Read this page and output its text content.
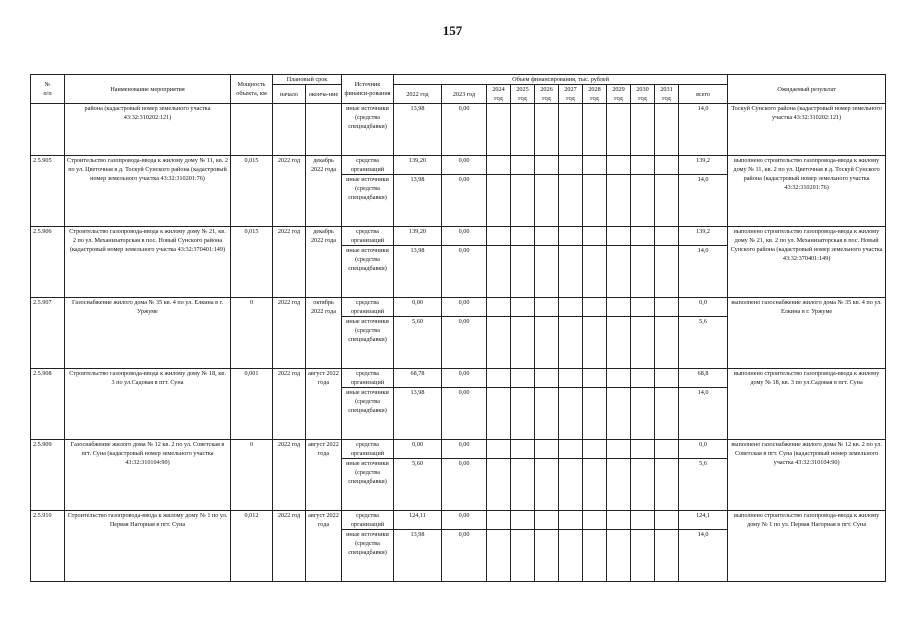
157
№
п/п	Наименование мероприятия	Мощность объекта, км	Плановый срок		Источник финанси-рования	Объем финансирования, тыс. рублей											Ожидаемый результат
			начало	оконча-ние		2022 год	2023 год	2024 год	2025 год	2026 год	2027 год	2028 год	2029 год	2030 год	2031 год	всего	
	района (кадастровый номер земельного участка 43:32:310202:121)				иные источники (средства спецнадбавки)	13,98	0,00									14,0	Тоскуй Сунского района (кадастровый номер земельного участка 43:32:310202:121)
2.5.905	Строительство газопровода-ввода к жилому дому № 11, кв. 2 по ул. Цветочная в д. Тоскуй Сунского района (кадастровый номер земельного участка 43:32:310201:76)	0,015	2022 год	декабрь 2022 года	средства организаций	139,20	0,00									139,2	выполнено строительство газопровода-ввода к жилому дому № 11, кв. 2 по ул. Цветочная в д. Тоскуй Сунского района (кадастровый номер земельного участка 43:32:310201:76)
					иные источники (средства спецнадбавки)	13,98	0,00									14,0	
2.5.906	Строительство газопровода-ввода к жилому дому № 21, кв. 2 по ул. Механизаторская в пос. Новый Сунского района (кадастровый номер земельного участка 43:32:370401:149)	0,015	2022 год	декабрь 2022 года	средства организаций	139,20	0,00									139,2	выполнено строительство газопровода-ввода к жилому дому № 21, кв. 2 по ул. Механизаторская в пос. Новый Сунского района (кадастровый номер земельного участка 43:32:370401:149)
					иные источники (средства спецнадбавки)	13,98	0,00									14,0	
2.5.907	Газоснабжение жилого дома № 35 кв. 4 по ул. Елкина в г. Уржуме	0	2022 год	октябрь 2022 года	средства организаций	0,00	0,00									0,0	выполнено газоснабжение жилого дома № 35 кв. 4 по ул. Елкина в г. Уржуме
					иные источники (средства спецнадбавки)	5,60	0,00									5,6	
2.5.908	Строительство газопровода-ввода к жилому дому № 18, кв. 3 по ул.Садовая в пгт. Суна	0,001	2022 год	август 2022 года	средства организаций	68,78	0,00									68,8	выполнено строительство газопровода-ввода к жилому дому № 18, кв. 3 по ул.Садовая в пгт. Суна
					иные источники (средства спецнадбавки)	13,98	0,00									14,0	
2.5.909	Газоснабжение жилого дома № 12 кв. 2 по ул. Советская в пгт. Суна (кадастровый номер земельного участка 43:32:310104:90)	0	2022 год	август 2022 года	средства организаций	0,00	0,00									0,0	выполнено газоснабжение жилого дома № 12 кв. 2 по ул. Советская в пгт. Суна (кадастровый номер земельного участка 43:32:310104:90)
					иные источники (средства спецнадбавки)	5,60	0,00									5,6	
2.5.910	Строительство газопровода-ввода к жилому дому № 1 по ул. Первая Нагорная в пгт. Суна	0,012	2022 год	август 2022 года	средства организаций	124,11	0,00									124,1	выполнено строительство газопровода-ввода к жилому дому № 1 по ул. Первая Нагорная в пгт. Суна
					иные источники (средства спецнадбавки)	13,98	0,00									14,0	
